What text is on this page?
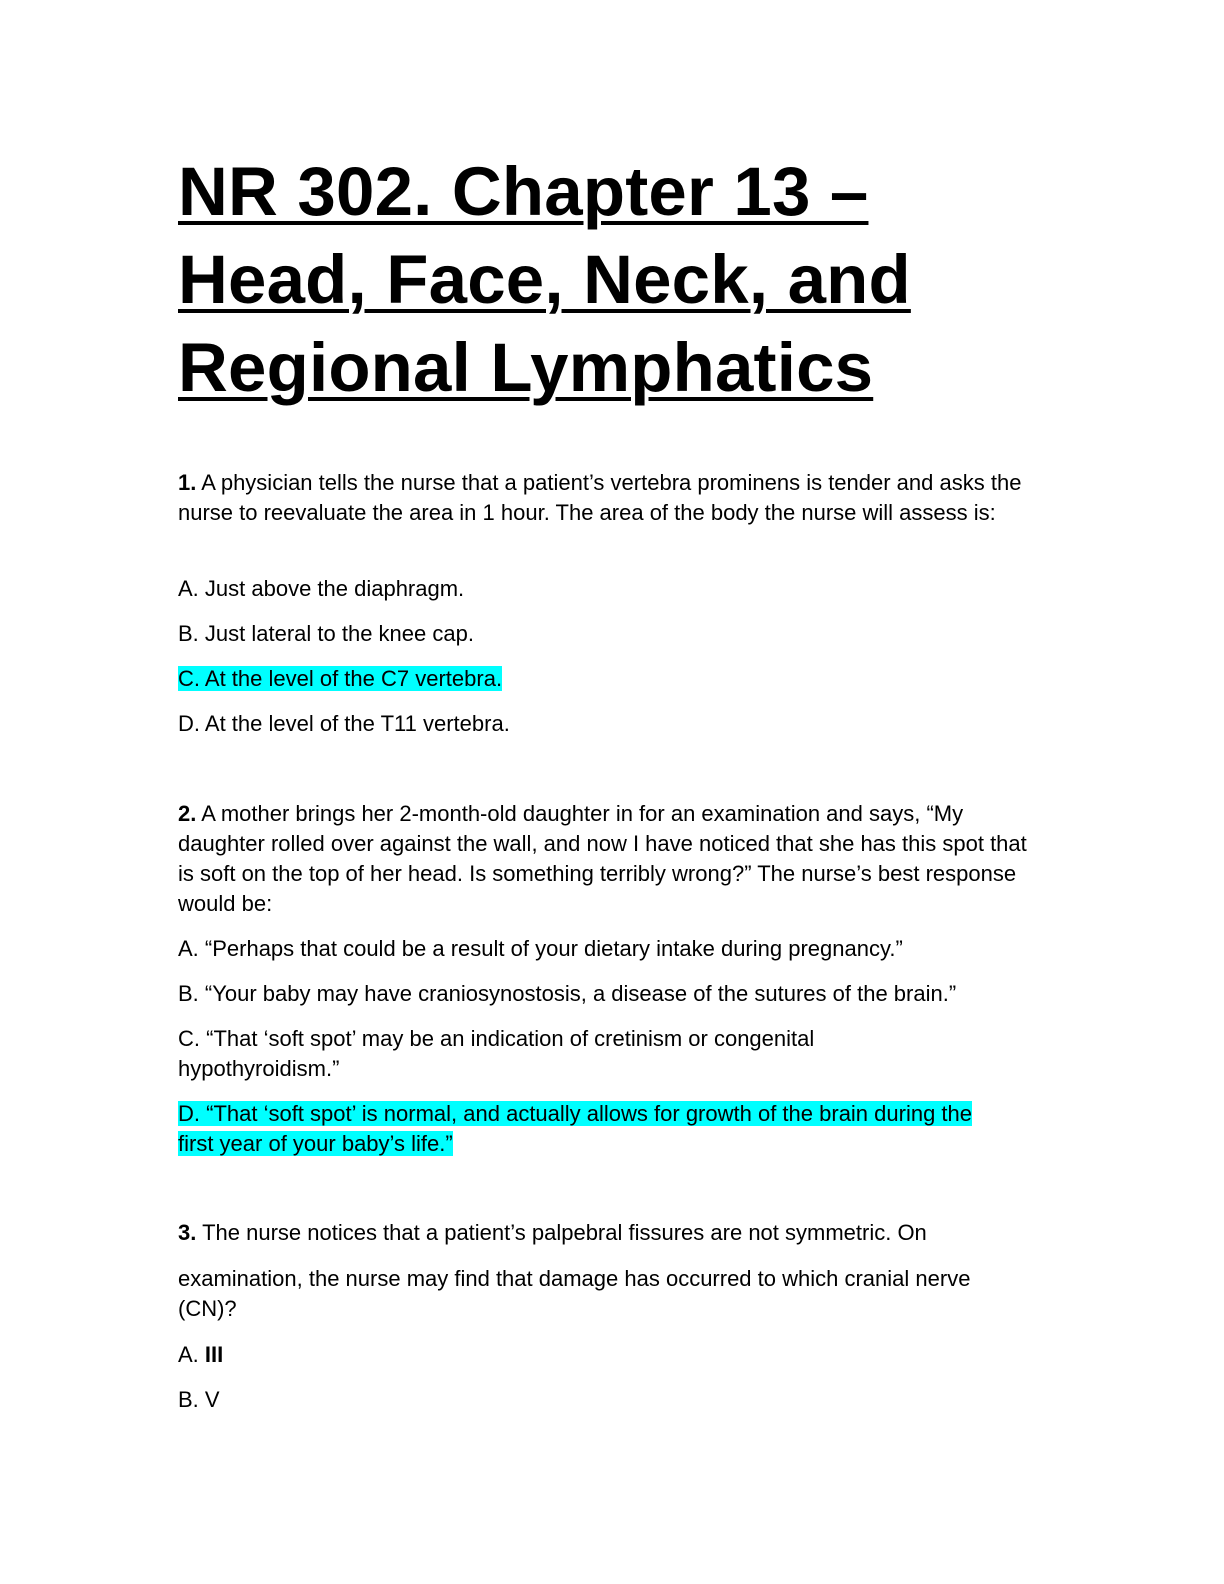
NR 302. Chapter 13 –
Head, Face, Neck, and
Regional Lymphatics
1. A physician tells the nurse that a patient’s vertebra prominens is tender and asks the nurse to reevaluate the area in 1 hour. The area of the body the nurse will assess is:
A. Just above the diaphragm.
B. Just lateral to the knee cap.
C. At the level of the C7 vertebra.
D. At the level of the T11 vertebra.
2. A mother brings her 2-month-old daughter in for an examination and says, “My daughter rolled over against the wall, and now I have noticed that she has this spot that is soft on the top of her head. Is something terribly wrong?” The nurse’s best response would be:
A. “Perhaps that could be a result of your dietary intake during pregnancy.”
B. “Your baby may have craniosynostosis, a disease of the sutures of the brain.”
C. “That ‘soft spot’ may be an indication of cretinism or congenital hypothyroidism.”
D. “That ‘soft spot’ is normal, and actually allows for growth of the brain during the first year of your baby’s life.”
3. The nurse notices that a patient’s palpebral fissures are not symmetric. On
examination, the nurse may find that damage has occurred to which cranial nerve (CN)?
A. III
B. V
